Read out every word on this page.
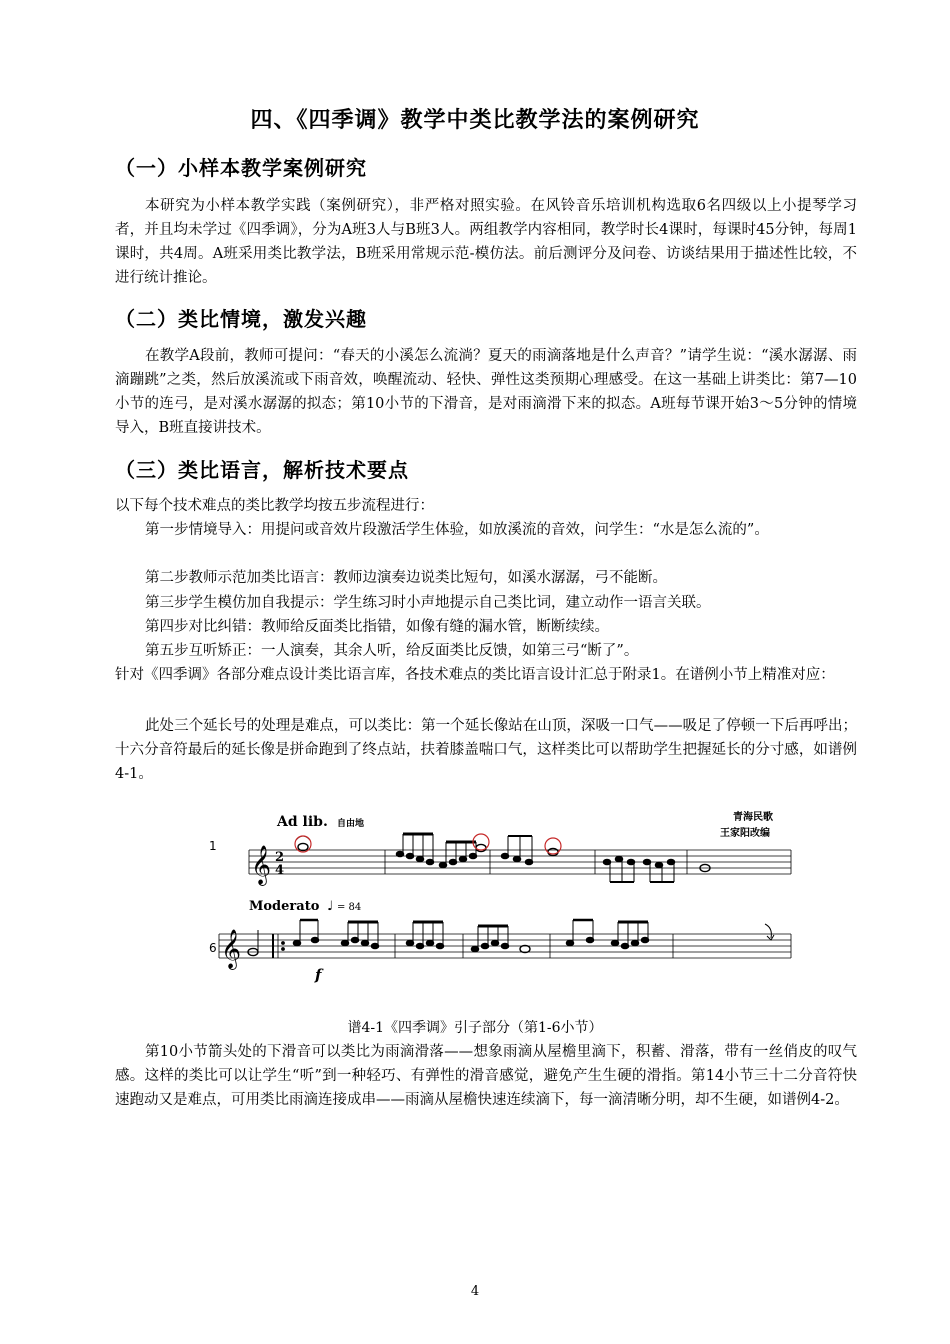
四、《四季调》教学中类比教学法的案例研究
（一）小样本教学案例研究
本研究为小样本教学实践（案例研究），非严格对照实验。在风铃音乐培训机构选取6名四级以上小提琴学习者，并且均未学过《四季调》，分为A班3人与B班3人。两组教学内容相同，教学时长4课时，每课时45分钟，每周1课时，共4周。A班采用类比教学法，B班采用常规示范-模仿法。前后测评分及问卷、访谈结果用于描述性比较，不进行统计推论。
（二）类比情境，激发兴趣
在教学A段前，教师可提问：“春天的小溪怎么流淌？夏天的雨滴落地是什么声音？”请学生说：“溪水潺潺、雨滴蹦跳”之类，然后放溪流或下雨音效，唤醒流动、轻快、弹性这类预期心理感受。在这一基础上讲类比：第7—10小节的连弓，是对溪水潺潺的拟态；第10小节的下滑音，是对雨滴滑下来的拟态。A班每节课开始3～5分钟的情境导入，B班直接讲技术。
（三）类比语言，解析技术要点
以下每个技术难点的类比教学均按五步流程进行：
第一步情境导入：用提问或音效片段激活学生体验，如放溪流的音效，问学生：“水是怎么流的”。
第二步教师示范加类比语言：教师边演奏边说类比短句，如溪水潺潺，弓不能断。
第三步学生模仿加自我提示：学生练习时小声地提示自己类比词，建立动作一语言关联。
第四步对比纠错：教师给反面类比指错，如像有缝的漏水管，断断续续。
第五步互听矫正：一人演奏，其余人听，给反面类比反馈，如第三弓“断了”。
针对《四季调》各部分难点设计类比语言库，各技术难点的类比语言设计汇总于附录1。在谱例小节上精准对应：
此处三个延长号的处理是难点，可以类比：第一个延长像站在山顶，深吸一口气——吸足了停顿一下后再呼出；十六分音符最后的延长像是拼命跑到了终点站，扶着膝盖喘口气，这样类比可以帮助学生把握延长的分寸感，如谱例4-1。
Ad lib. 自由地
青海民歌
王家阳改编
1 𝄞 2
4
Moderato ♩ = 84
6 𝄞
f
谱4-1《四季调》引子部分（第1-6小节）
第10小节箭头处的下滑音可以类比为雨滴滑落——想象雨滴从屋檐里滴下，积蓄、滑落，带有一丝俏皮的叹气感。这样的类比可以让学生“听”到一种轻巧、有弹性的滑音感觉，避免产生生硬的滑指。第14小节三十二分音符快速跑动又是难点，可用类比雨滴连接成串——雨滴从屋檐快速连续滴下，每一滴清晰分明，却不生硬，如谱例4-2。
4
